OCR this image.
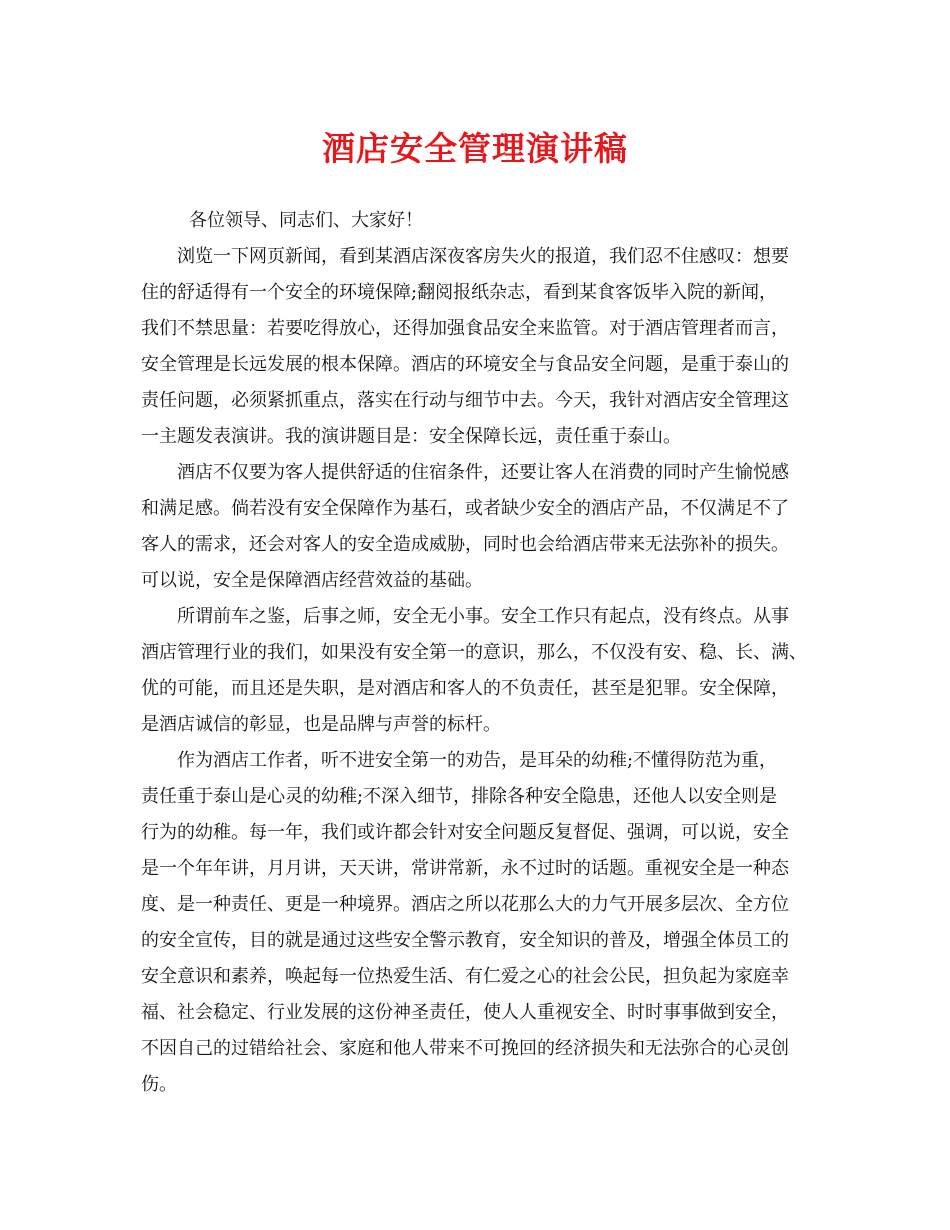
酒店安全管理演讲稿

各位领导、同志们、大家好！

浏览一下网页新闻，看到某酒店深夜客房失火的报道，我们忍不住感叹：想要

住的舒适得有一个安全的环境保障;翻阅报纸杂志，看到某食客饭毕入院的新闻，

我们不禁思量：若要吃得放心，还得加强食品安全来监管。对于酒店管理者而言，

安全管理是长远发展的根本保障。酒店的环境安全与食品安全问题，是重于泰山的

责任问题，必须紧抓重点，落实在行动与细节中去。今天，我针对酒店安全管理这

一主题发表演讲。我的演讲题目是：安全保障长远，责任重于泰山。

酒店不仅要为客人提供舒适的住宿条件，还要让客人在消费的同时产生愉悦感

和满足感。倘若没有安全保障作为基石，或者缺少安全的酒店产品，不仅满足不了

客人的需求，还会对客人的安全造成威胁，同时也会给酒店带来无法弥补的损失。

可以说，安全是保障酒店经营效益的基础。

所谓前车之鉴，后事之师，安全无小事。安全工作只有起点，没有终点。从事

酒店管理行业的我们，如果没有安全第一的意识，那么，不仅没有安、稳、长、满、

优的可能，而且还是失职，是对酒店和客人的不负责任，甚至是犯罪。安全保障，

是酒店诚信的彰显，也是品牌与声誉的标杆。

作为酒店工作者，听不进安全第一的劝告，是耳朵的幼稚;不懂得防范为重，

责任重于泰山是心灵的幼稚;不深入细节，排除各种安全隐患，还他人以安全则是

行为的幼稚。每一年，我们或许都会针对安全问题反复督促、强调，可以说，安全

是一个年年讲，月月讲，天天讲，常讲常新，永不过时的话题。重视安全是一种态

度、是一种责任、更是一种境界。酒店之所以花那么大的力气开展多层次、全方位

的安全宣传，目的就是通过这些安全警示教育，安全知识的普及，增强全体员工的

安全意识和素养，唤起每一位热爱生活、有仁爱之心的社会公民，担负起为家庭幸

福、社会稳定、行业发展的这份神圣责任，使人人重视安全、时时事事做到安全，

不因自己的过错给社会、家庭和他人带来不可挽回的经济损失和无法弥合的心灵创

伤。
